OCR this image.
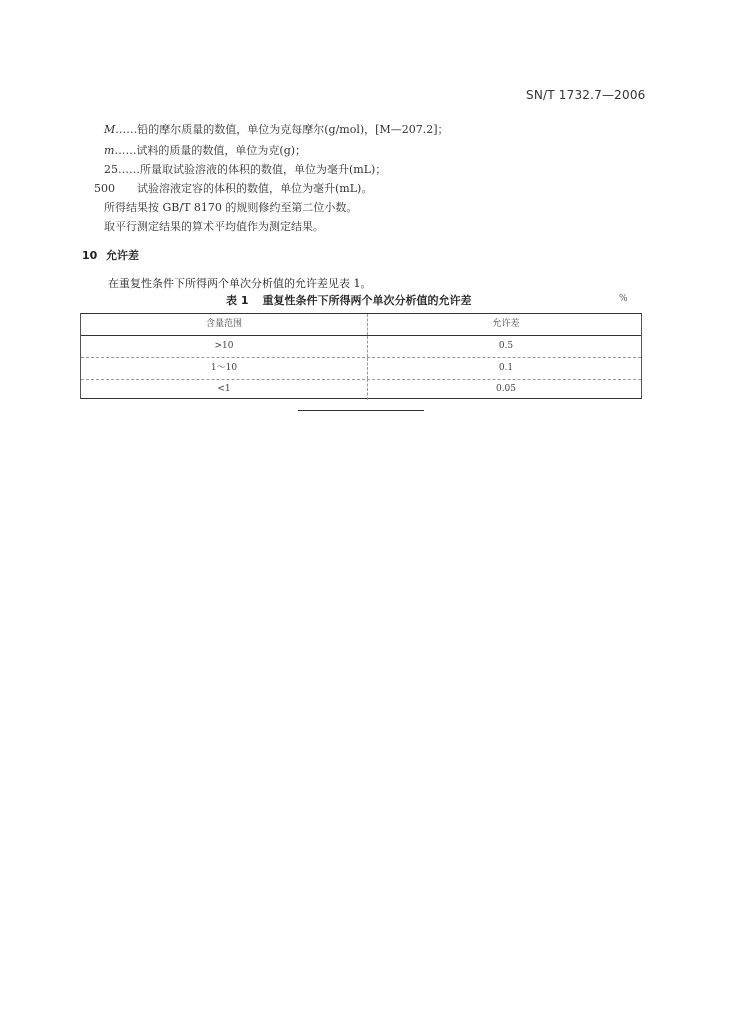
SN/T 1732.7—2006
M……铅的摩尔质量的数值，单位为克每摩尔(g/mol)，[M—207.2]；
m……试料的质量的数值，单位为克(g)；
25……所量取试验溶液的体积的数值，单位为毫升(mL)；
500……试验溶液定容的体积的数值，单位为毫升(mL)。
所得结果按 GB/T 8170 的规则修约至第二位小数。
取平行测定结果的算术平均值作为测定结果。
10 允许差
在重复性条件下所得两个单次分析值的允许差见表 1。
表 1 重复性条件下所得两个单次分析值的允许差	%
含量范围	允许差
>10	0.5
1～10	0.1
<1	0.05
